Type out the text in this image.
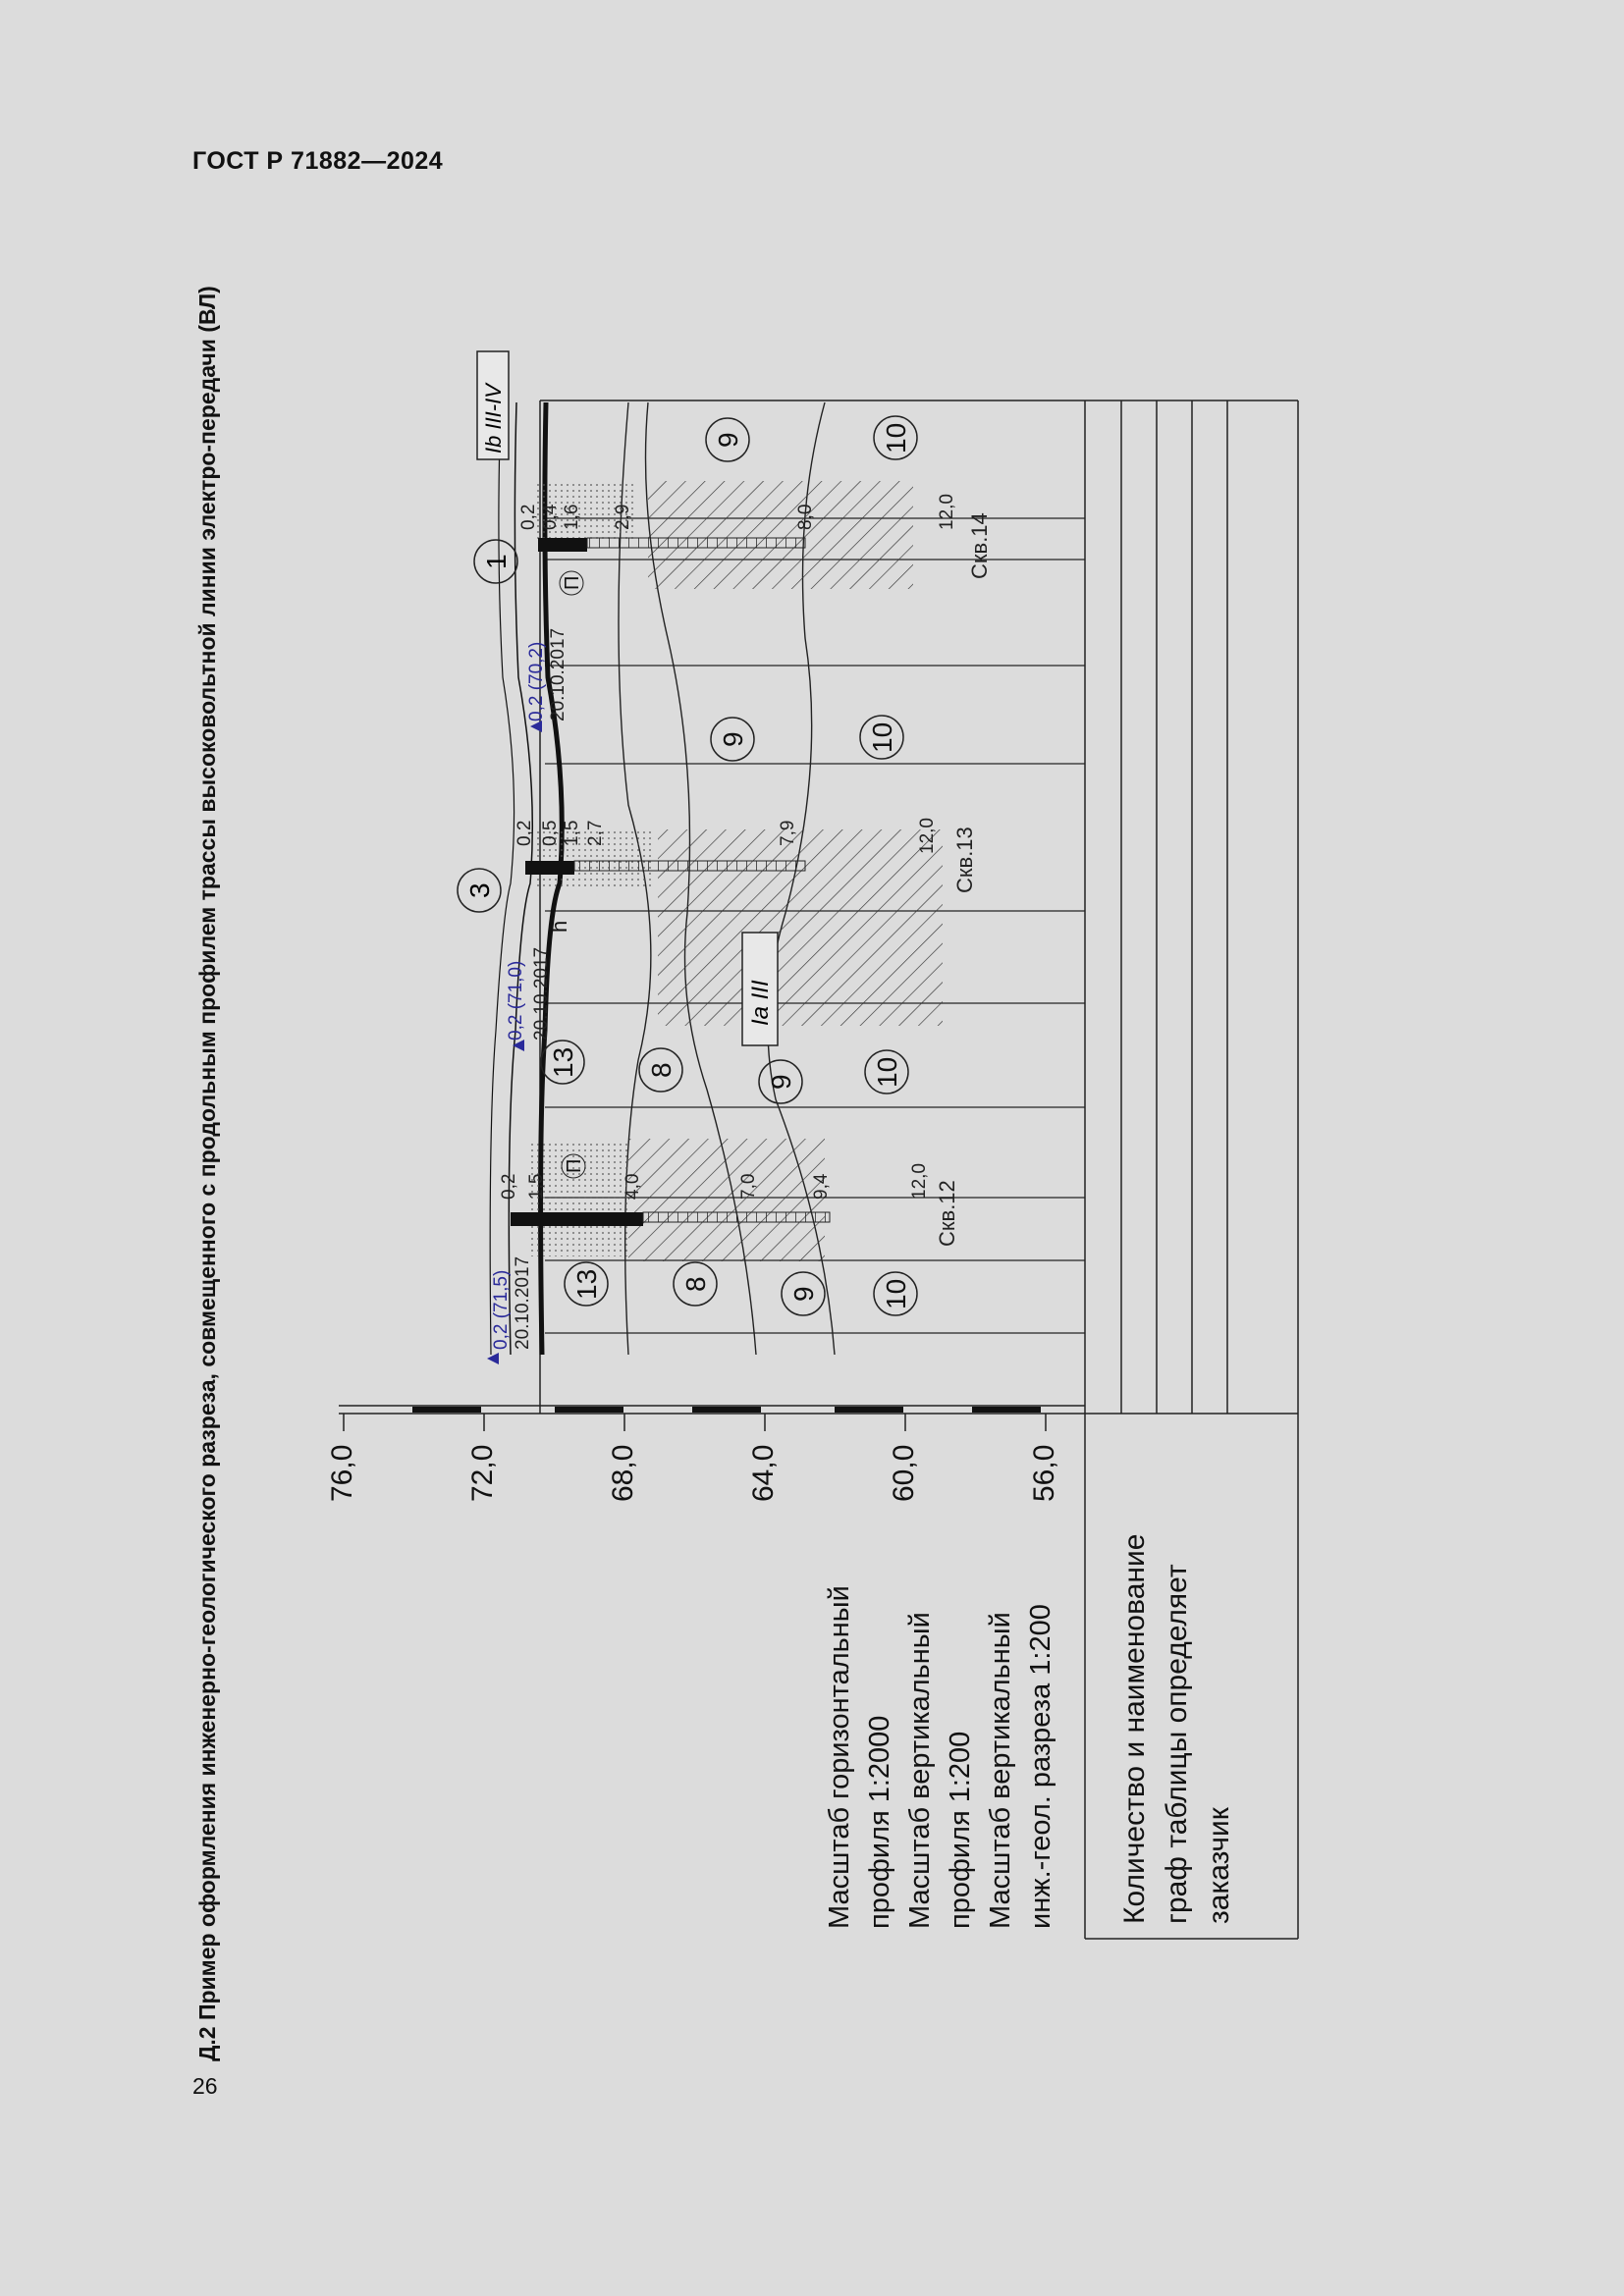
ГОСТ Р 71882—2024
Д.2 Пример оформления инженерно-геологического разреза, совмещенного с продольным профилем трассы высоковольтной линии электро-передачи (ВЛ)
26
76,0	72,0	68,0	64,0	60,0	56,0
Масштаб горизонтальный профиля 1:2000 Масштаб вертикальный профиля 1:200 Масштаб вертикальный инж.-геол. разреза 1:200 Количество и наименование граф таблицы определяет заказчик
Ib III-IV
Ia III
1
3
13	8
9 10
13 8
9	10
9	10
9	10
П
П
h
Скв.12
0,2 1,5	4,0	7,0	9,4	12,0
0,2 (71,5) 20.10.2017
Скв.13
0,2 0,5 1,5 2,7	7,9	12,0
0,2 (71,0) 20.10.2017
Скв.14
0,2 0,4 1,6 2,9	8,0	12,0
0,2 (70,2) 20.10.2017
